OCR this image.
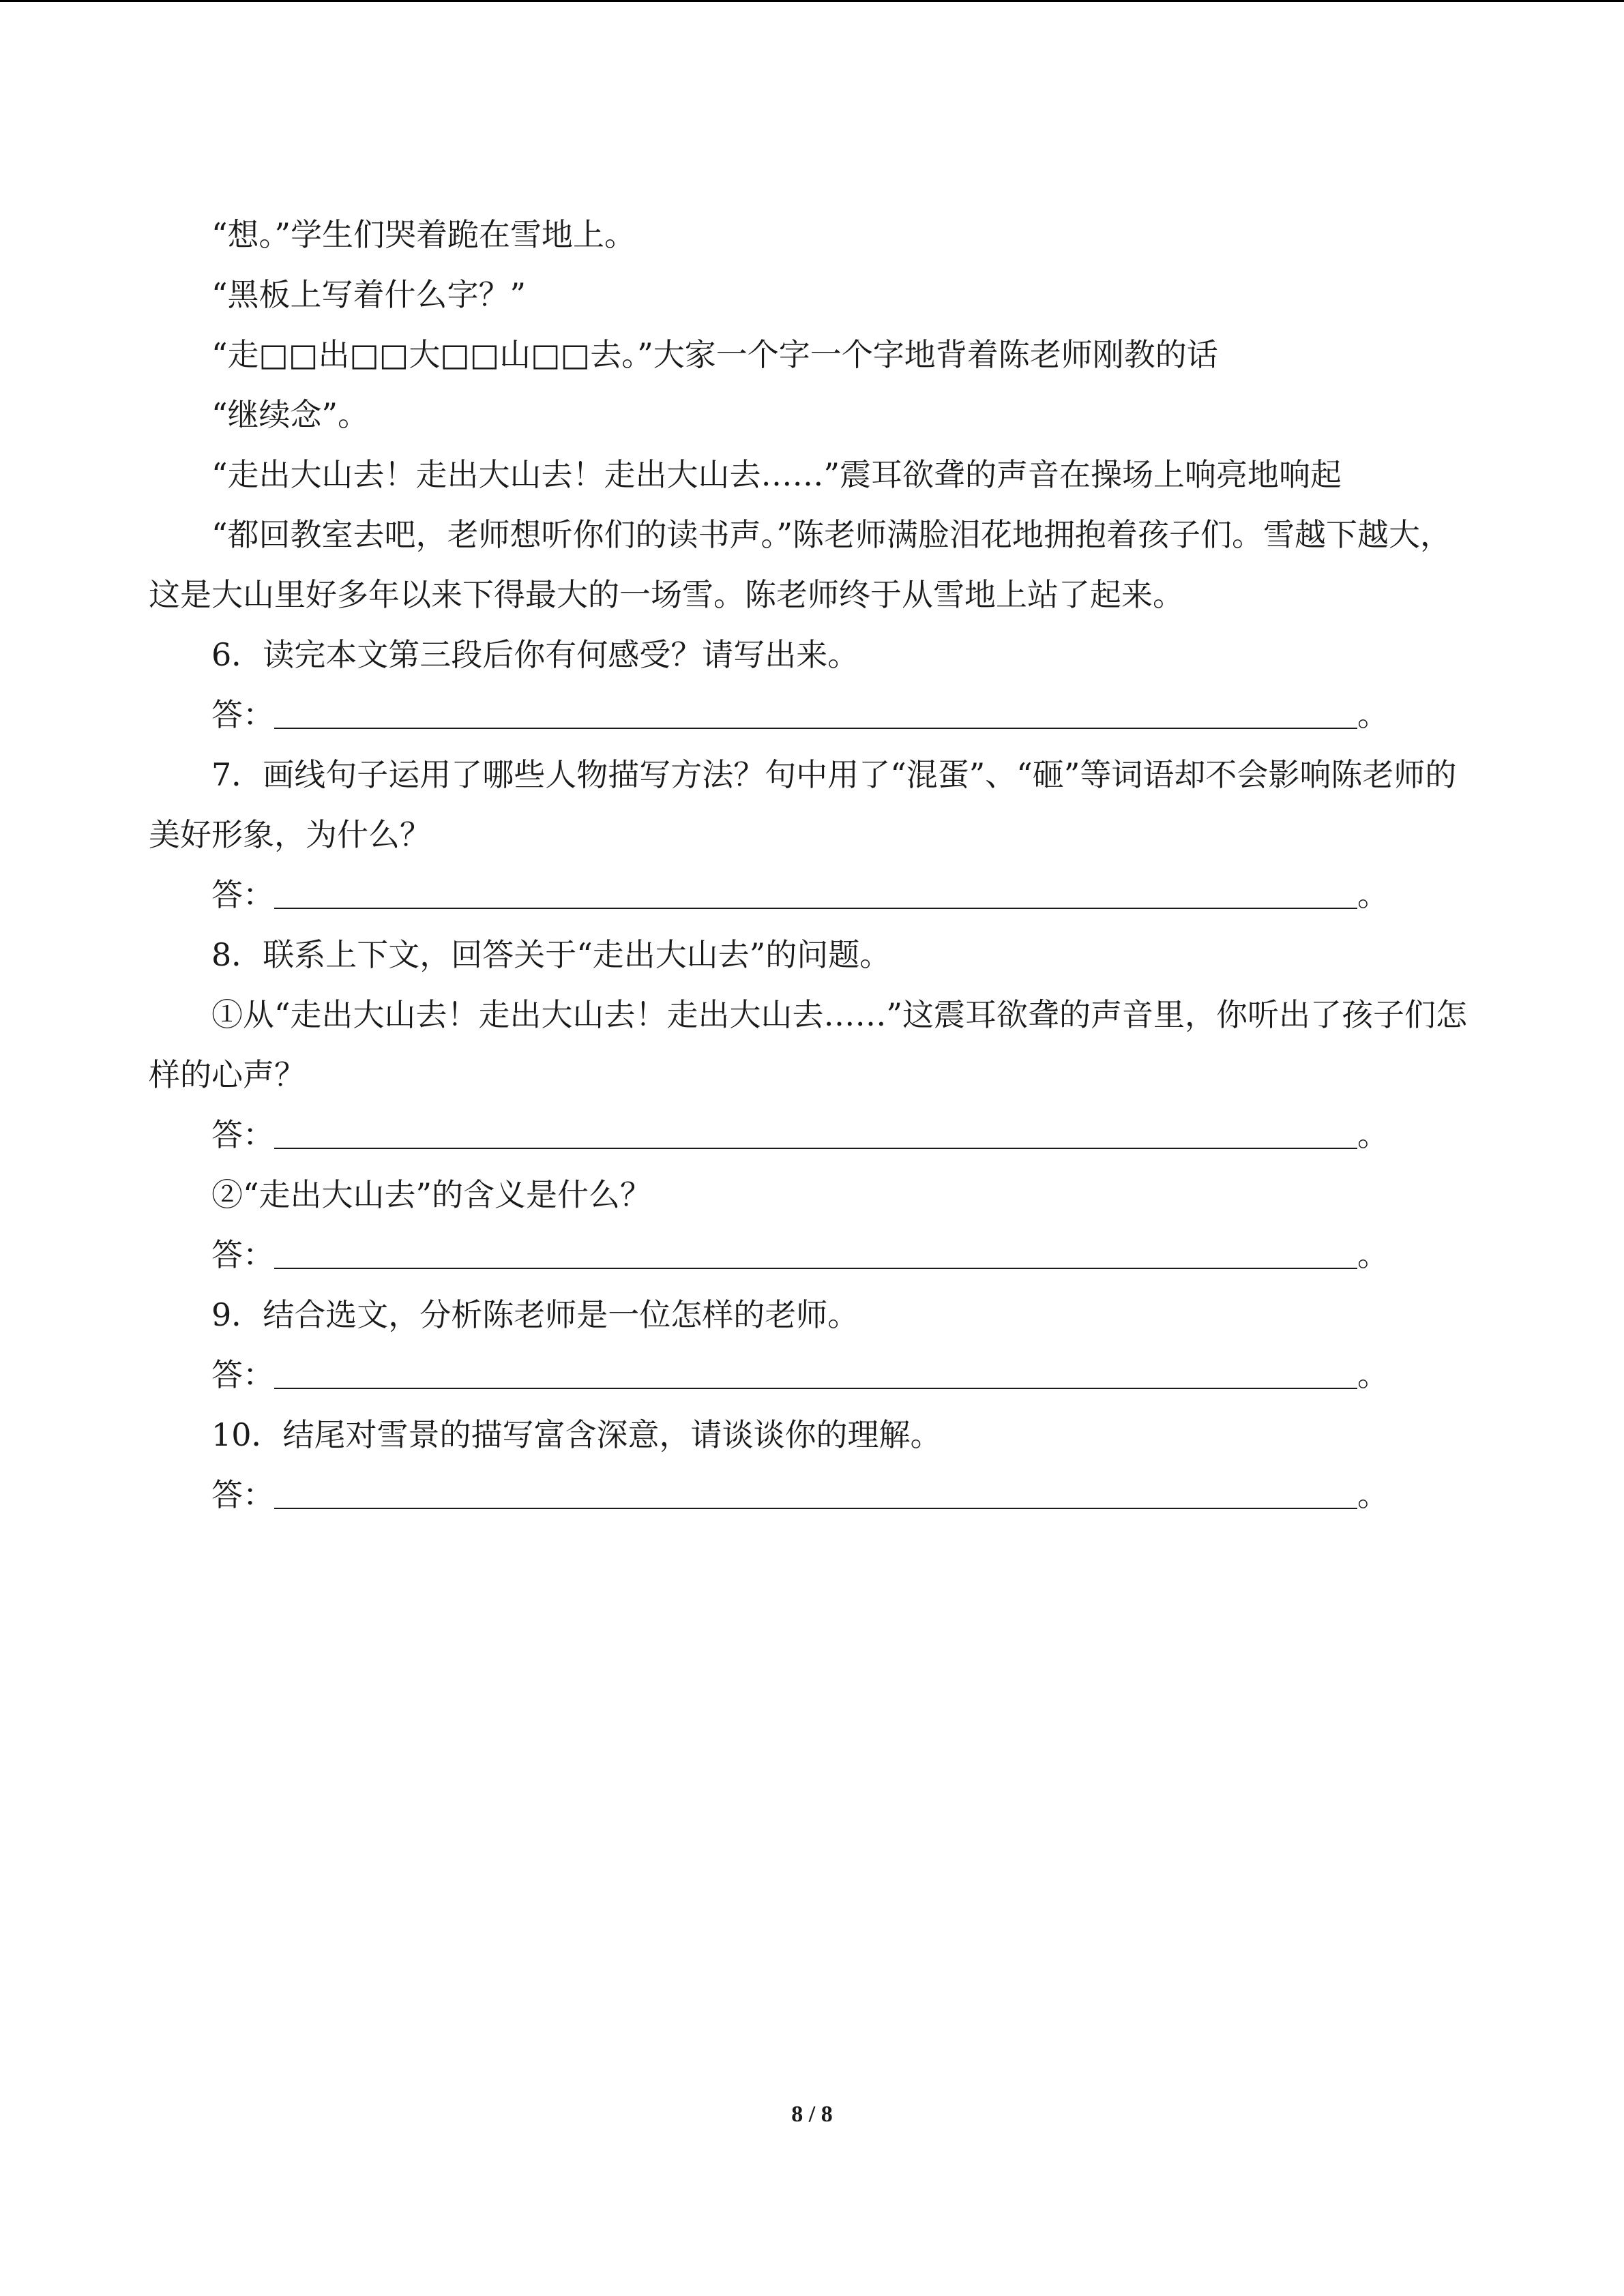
“想。”学生们哭着跪在雪地上。

“黑板上写着什么字？”

“走□□出□□大□□山□□去。”大家一个字一个字地背着陈老师刚教的话

“继续念”。

“走出大山去！走出大山去！走出大山去……”震耳欲聋的声音在操场上响亮地响起

“都回教室去吧，老师想听你们的读书声。”陈老师满脸泪花地拥抱着孩子们。雪越下越大，这是大山里好多年以来下得最大的一场雪。陈老师终于从雪地上站了起来。

6．读完本文第三段后你有何感受？请写出来。

答：	。

7．画线句子运用了哪些人物描写方法？句中用了“混蛋”、“砸”等词语却不会影响陈老师的美好形象，为什么？

答：	。

8．联系上下文，回答关于“走出大山去”的问题。

①从“走出大山去！走出大山去！走出大山去……”这震耳欲聋的声音里，你听出了孩子们怎样的心声？

答：	。

②“走出大山去”的含义是什么？

答：	。

9．结合选文，分析陈老师是一位怎样的老师。

答：	。

10．结尾对雪景的描写富含深意，请谈谈你的理解。

答：	。
8 / 8
